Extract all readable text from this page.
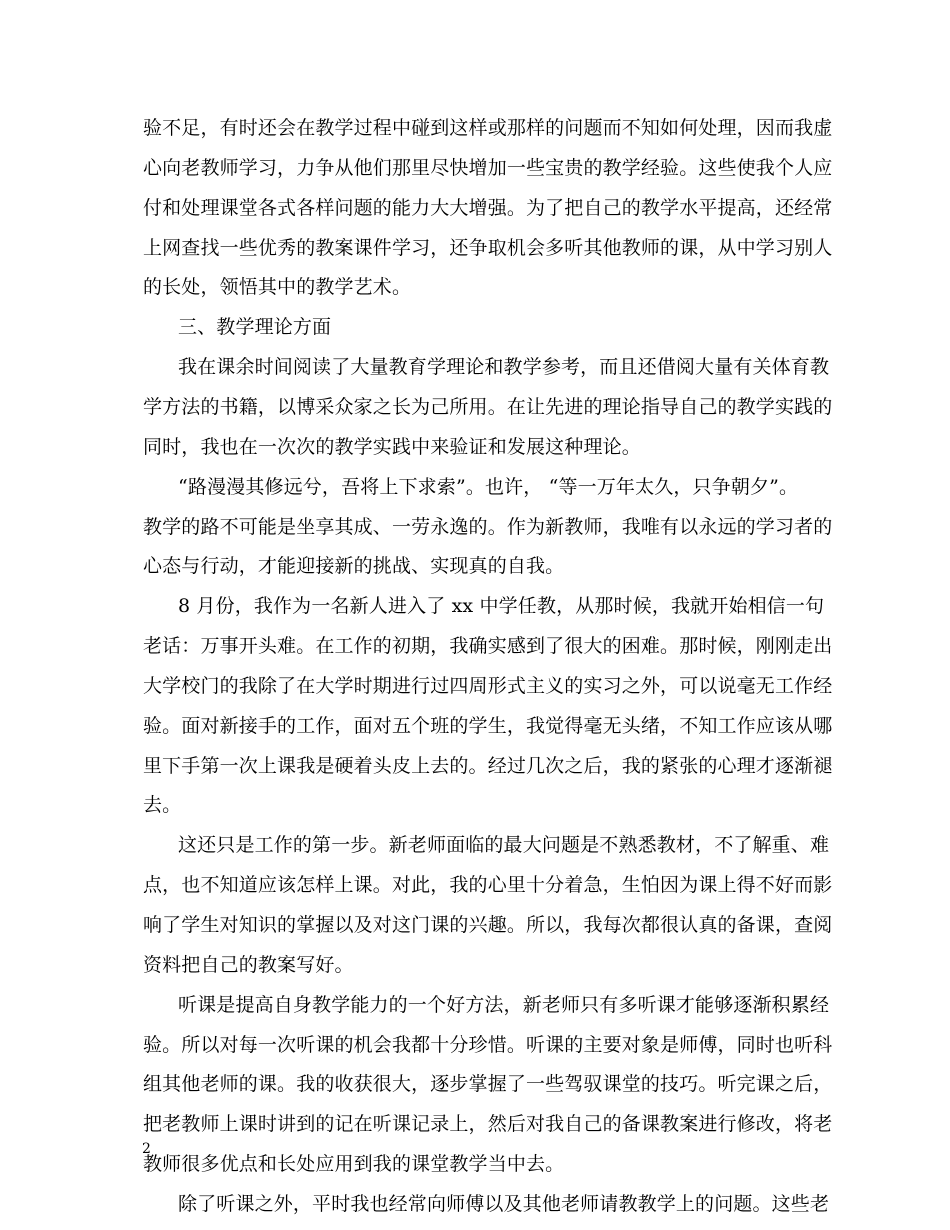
验不足，有时还会在教学过程中碰到这样或那样的问题而不知如何处理，因而我虚
心向老教师学习，力争从他们那里尽快增加一些宝贵的教学经验。这些使我个人应
付和处理课堂各式各样问题的能力大大增强。为了把自己的教学水平提高，还经常
上网查找一些优秀的教案课件学习，还争取机会多听其他教师的课，从中学习别人
的长处，领悟其中的教学艺术。
三、教学理论方面
我在课余时间阅读了大量教育学理论和教学参考，而且还借阅大量有关体育教
学方法的书籍，以博采众家之长为己所用。在让先进的理论指导自己的教学实践的
同时，我也在一次次的教学实践中来验证和发展这种理论。
“路漫漫其修远兮，吾将上下求索”。也许， “等一万年太久，只争朝夕”。
教学的路不可能是坐享其成、一劳永逸的。作为新教师，我唯有以永远的学习者的
心态与行动，才能迎接新的挑战、实现真的自我。
8 月份，我作为一名新人进入了 xx 中学任教，从那时候，我就开始相信一句
老话：万事开头难。在工作的初期，我确实感到了很大的困难。那时候，刚刚走出
大学校门的我除了在大学时期进行过四周形式主义的实习之外，可以说毫无工作经
验。面对新接手的工作，面对五个班的学生，我觉得毫无头绪，不知工作应该从哪
里下手第一次上课我是硬着头皮上去的。经过几次之后，我的紧张的心理才逐渐褪
去。
这还只是工作的第一步。新老师面临的最大问题是不熟悉教材，不了解重、难
点，也不知道应该怎样上课。对此，我的心里十分着急，生怕因为课上得不好而影
响了学生对知识的掌握以及对这门课的兴趣。所以，我每次都很认真的备课，查阅
资料把自己的教案写好。
听课是提高自身教学能力的一个好方法，新老师只有多听课才能够逐渐积累经
验。所以对每一次听课的机会我都十分珍惜。听课的主要对象是师傅，同时也听科
组其他老师的课。我的收获很大，逐步掌握了一些驾驭课堂的技巧。听完课之后，
把老教师上课时讲到的记在听课记录上，然后对我自己的备课教案进行修改，将老
教师很多优点和长处应用到我的课堂教学当中去。
除了听课之外，平时我也经常向师傅以及其他老师请教教学上的问题。这些老
2
